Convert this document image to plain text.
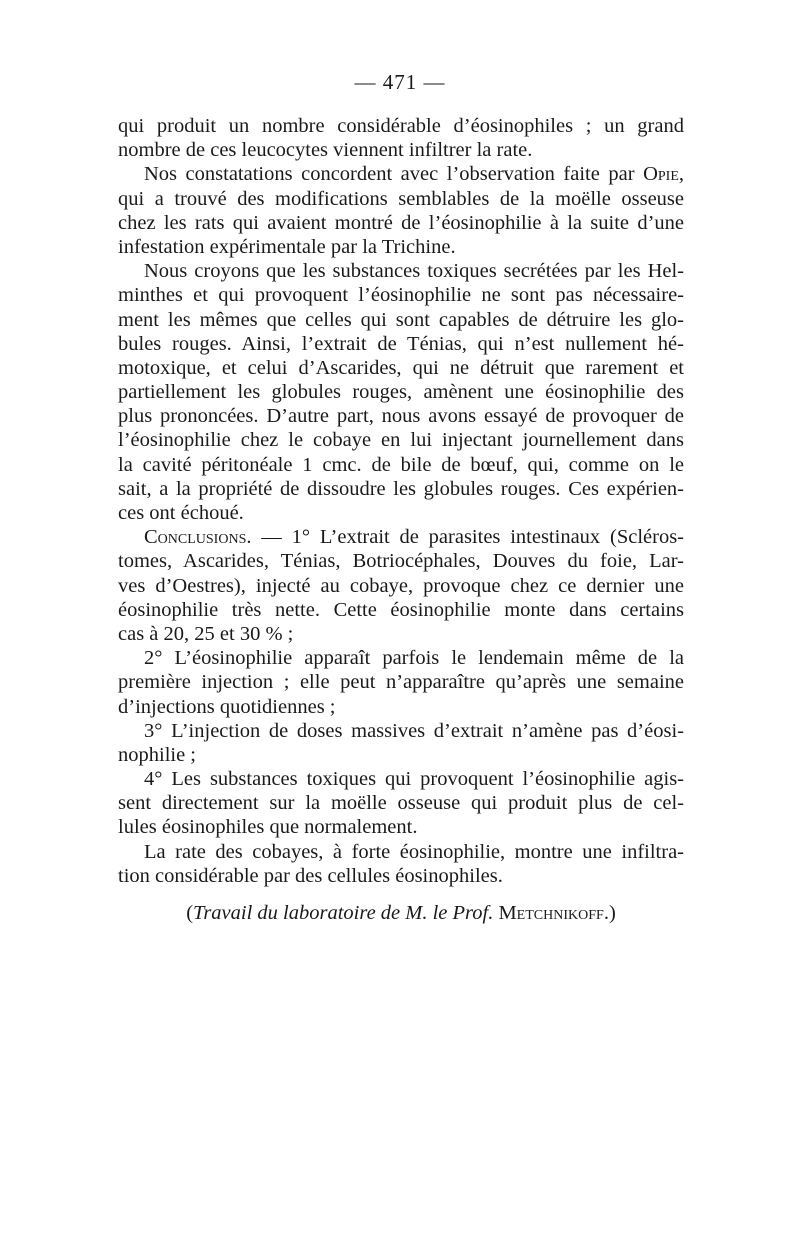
— 471 —
qui produit un nombre considérable d’éosinophiles ; un grand
nombre de ces leucocytes viennent infiltrer la rate.
Nos constatations concordent avec l’observation faite par Opie,
qui a trouvé des modifications semblables de la moëlle osseuse
chez les rats qui avaient montré de l’éosinophilie à la suite d’une
infestation expérimentale par la Trichine.
Nous croyons que les substances toxiques secrétées par les Hel-
minthes et qui provoquent l’éosinophilie ne sont pas nécessaire-
ment les mêmes que celles qui sont capables de détruire les glo-
bules rouges. Ainsi, l’extrait de Ténias, qui n’est nullement hé-
motoxique, et celui d’Ascarides, qui ne détruit que rarement et
partiellement les globules rouges, amènent une éosinophilie des
plus prononcées. D’autre part, nous avons essayé de provoquer de
l’éosinophilie chez le cobaye en lui injectant journellement dans
la cavité péritonéale 1 cmc. de bile de bœuf, qui, comme on le
sait, a la propriété de dissoudre les globules rouges. Ces expérien-
ces ont échoué.
Conclusions. — 1° L’extrait de parasites intestinaux (Scléros-
tomes, Ascarides, Ténias, Botriocéphales, Douves du foie, Lar-
ves d’Oestres), injecté au cobaye, provoque chez ce dernier une
éosinophilie très nette. Cette éosinophilie monte dans certains
cas à 20, 25 et 30 % ;
2° L’éosinophilie apparaît parfois le lendemain même de la
première injection ; elle peut n’apparaître qu’après une semaine
d’injections quotidiennes ;
3° L’injection de doses massives d’extrait n’amène pas d’éosi-
nophilie ;
4° Les substances toxiques qui provoquent l’éosinophilie agis-
sent directement sur la moëlle osseuse qui produit plus de cel-
lules éosinophiles que normalement.
La rate des cobayes, à forte éosinophilie, montre une infiltra-
tion considérable par des cellules éosinophiles.
(Travail du laboratoire de M. le Prof. Metchnikoff.)
